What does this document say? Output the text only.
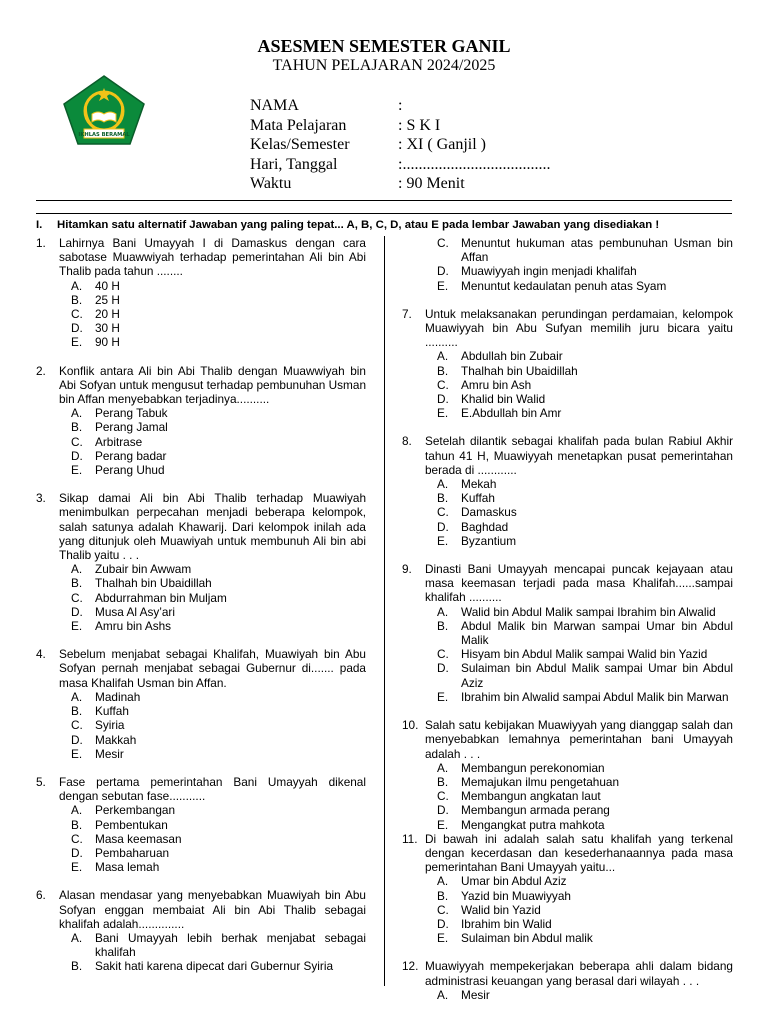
ASESMEN SEMESTER GANIL
TAHUN PELAJARAN 2024/2025
IKHLAS BERAMAL
NAMA	:
Mata Pelajaran	: S K I
Kelas/Semester	: XI ( Ganjil )
Hari, Tanggal	:.....................................
Waktu	: 90 Menit
I. Hitamkan satu alternatif Jawaban yang paling tepat... A, B, C, D, atau E pada lembar Jawaban yang disediakan !
1. Lahirnya Bani Umayyah I di Damaskus dengan cara sabotase Muawwiyah terhadap pemerintahan Ali bin Abi Thalib pada tahun ........
A. 40 H
B. 25 H
C. 20 H
D. 30 H
E. 90 H
2. Konflik antara Ali bin Abi Thalib dengan Muawwiyah bin Abi Sofyan untuk mengusut terhadap pembunuhan Usman bin Affan menyebabkan terjadinya..........
A. Perang Tabuk
B. Perang Jamal
C. Arbitrase
D. Perang badar
E. Perang Uhud
3. Sikap damai Ali bin Abi Thalib terhadap Muawiyah menimbulkan perpecahan menjadi beberapa kelompok, salah satunya adalah Khawarij. Dari kelompok inilah ada yang ditunjuk oleh Muawiyah untuk membunuh Ali bin abi Thalib yaitu . . .
A. Zubair bin Awwam
B. Thalhah bin Ubaidillah
C. Abdurrahman bin Muljam
D. Musa Al Asy’ari
E. Amru bin Ashs
4. Sebelum menjabat sebagai Khalifah, Muawiyah bin Abu Sofyan pernah menjabat sebagai Gubernur di....... pada masa Khalifah Usman bin Affan.
A. Madinah
B. Kuffah
C. Syiria
D. Makkah
E. Mesir
5. Fase pertama pemerintahan Bani Umayyah dikenal dengan sebutan fase...........
A. Perkembangan
B. Pembentukan
C. Masa keemasan
D. Pembaharuan
E. Masa lemah
6. Alasan mendasar yang menyebabkan Muawiyah bin Abu Sofyan enggan membaiat Ali bin Abi Thalib sebagai khalifah adalah..............
A. Bani Umayyah lebih berhak menjabat sebagai khalifah
B. Sakit hati karena dipecat dari Gubernur Syiria
C. Menuntut hukuman atas pembunuhan Usman bin Affan
D. Muawiyyah ingin menjadi khalifah
E. Menuntut kedaulatan penuh atas Syam
7. Untuk melaksanakan perundingan perdamaian, kelompok Muawiyyah bin Abu Sufyan memilih juru bicara yaitu ..........
A. Abdullah bin Zubair
B. Thalhah bin Ubaidillah
C. Amru bin Ash
D. Khalid bin Walid
E. E.Abdullah bin Amr
8. Setelah dilantik sebagai khalifah pada bulan Rabiul Akhir tahun 41 H, Muawiyyah menetapkan pusat pemerintahan berada di ............
A. Mekah
B. Kuffah
C. Damaskus
D. Baghdad
E. Byzantium
9. Dinasti Bani Umayyah mencapai puncak kejayaan atau masa keemasan terjadi pada masa Khalifah......sampai khalifah ..........
A. Walid bin Abdul Malik sampai Ibrahim bin Alwalid
B. Abdul Malik bin Marwan sampai Umar bin Abdul Malik
C. Hisyam bin Abdul Malik sampai Walid bin Yazid
D. Sulaiman bin Abdul Malik sampai Umar bin Abdul Aziz
E. Ibrahim bin Alwalid sampai Abdul Malik bin Marwan
10. Salah satu kebijakan Muawiyyah yang dianggap salah dan menyebabkan lemahnya pemerintahan bani Umayyah adalah . . .
A. Membangun perekonomian
B. Memajukan ilmu pengetahuan
C. Membangun angkatan laut
D. Membangun armada perang
E. Mengangkat putra mahkota
11. Di bawah ini adalah salah satu khalifah yang terkenal dengan kecerdasan dan kesederhanaannya pada masa pemerintahan Bani Umayyah yaitu...
A. Umar bin Abdul Aziz
B. Yazid bin Muawiyyah
C. Walid bin Yazid
D. Ibrahim bin Walid
E. Sulaiman bin Abdul malik
12. Muawiyyah mempekerjakan beberapa ahli dalam bidang administrasi keuangan yang berasal dari wilayah . . .
A. Mesir
